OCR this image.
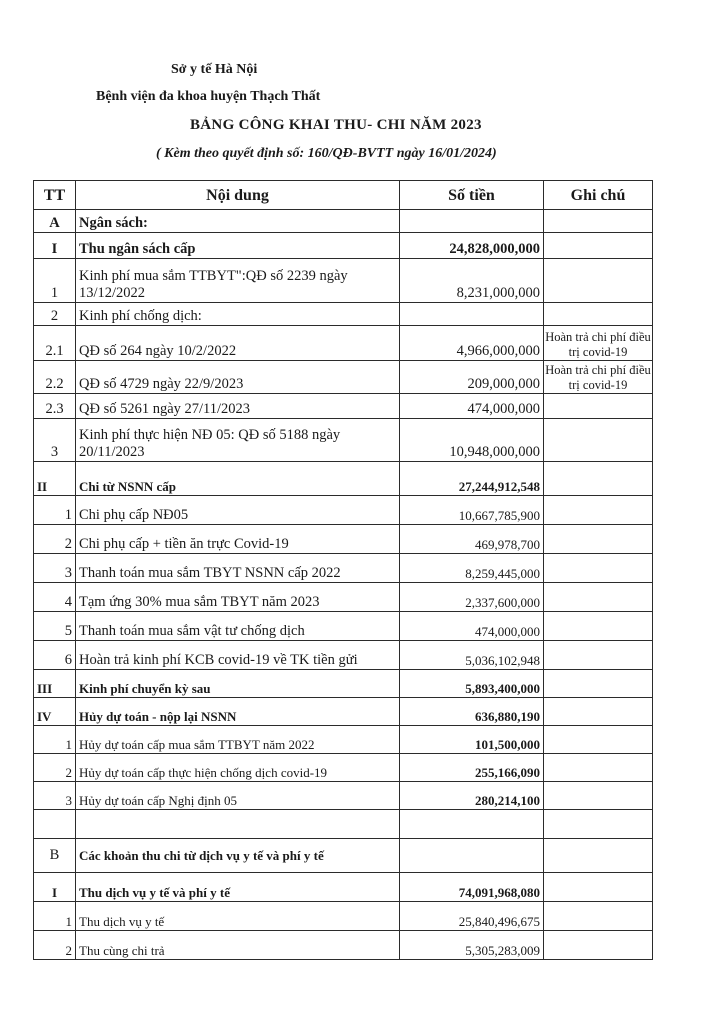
Sở y tế Hà Nội
Bệnh viện đa khoa huyện Thạch Thất
BẢNG CÔNG KHAI THU- CHI NĂM 2023
( Kèm theo quyết định số: 160/QĐ-BVTT ngày 16/01/2024)
TT	Nội dung	Số tiền	Ghi chú
A	Ngân sách:		
I	Thu ngân sách cấp	24,828,000,000	
1	Kinh phí mua sắm TTBYT":QĐ số 2239 ngày 13/12/2022	8,231,000,000	
2	Kinh phí chống dịch:		
2.1	QĐ số 264 ngày 10/2/2022	4,966,000,000	Hoàn trả chi phí điều trị covid-19
2.2	QĐ số 4729 ngày 22/9/2023	209,000,000	Hoàn trả chi phí điều trị covid-19
2.3	QĐ số 5261 ngày 27/11/2023	474,000,000	
3	Kinh phí thực hiện NĐ 05: QĐ số 5188 ngày 20/11/2023	10,948,000,000	
II	Chi từ NSNN cấp	27,244,912,548	
1	Chi phụ cấp NĐ05	10,667,785,900	
2	Chi phụ cấp + tiền ăn trực Covid-19	469,978,700	
3	Thanh toán mua sắm TBYT NSNN cấp 2022	8,259,445,000	
4	Tạm ứng 30% mua sắm TBYT năm 2023	2,337,600,000	
5	Thanh toán mua sắm vật tư chống dịch	474,000,000	
6	Hoàn trả kinh phí KCB covid-19 về TK tiền gửi	5,036,102,948	
III	Kinh phí chuyển kỳ sau	5,893,400,000	
IV	Hủy dự toán - nộp lại NSNN	636,880,190	
1	Hủy dự toán cấp mua sắm TTBYT năm 2022	101,500,000	
2	Hủy dự toán cấp thực hiện chống dịch covid-19	255,166,090	
3	Hủy dự toán cấp Nghị định 05	280,214,100	

B	Các khoản thu chi từ dịch vụ y tế và phí y tế		
I	Thu dịch vụ y tế và phí y tế	74,091,968,080	
1	Thu dịch vụ y tế	25,840,496,675	
2	Thu cùng chi trả	5,305,283,009	
